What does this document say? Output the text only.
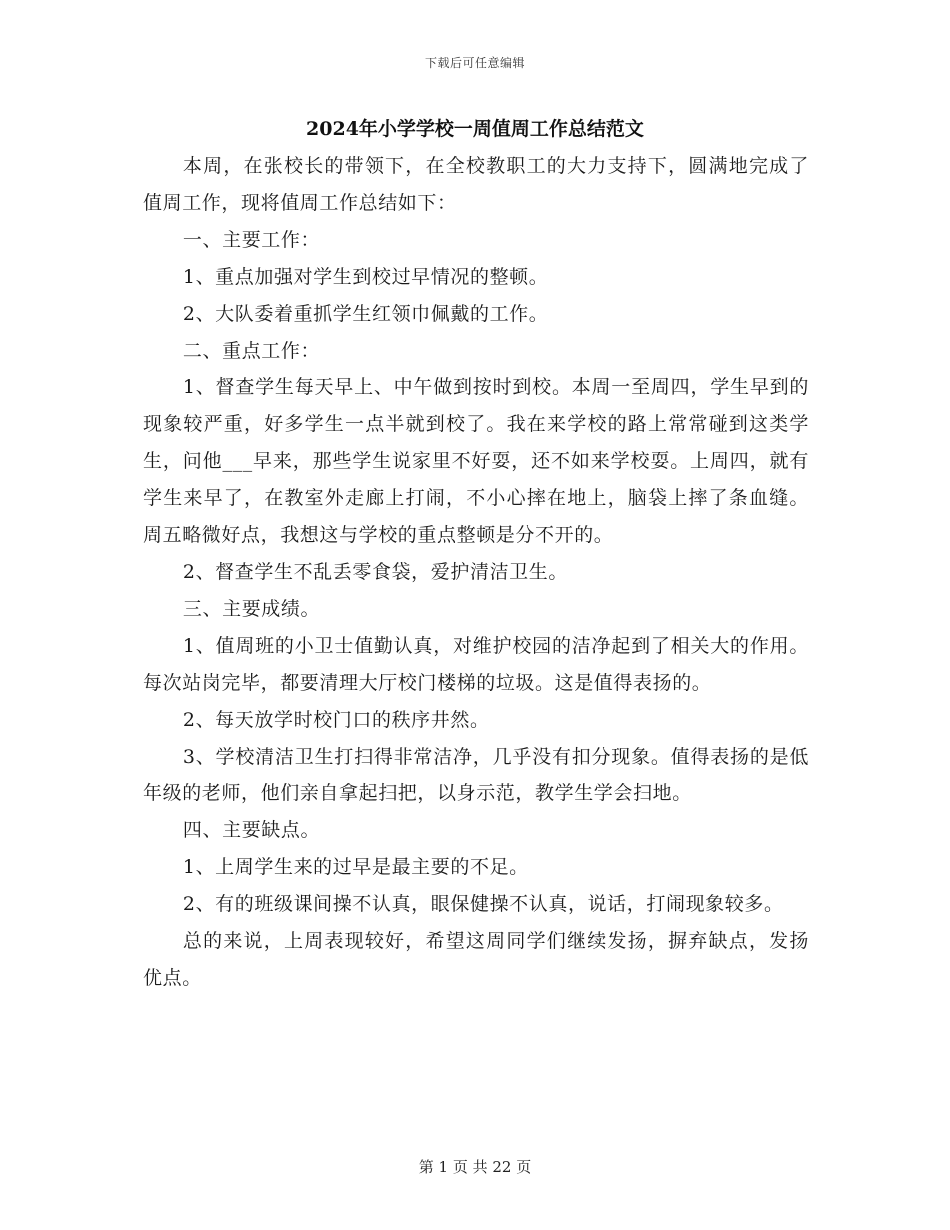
下载后可任意编辑
2024年小学学校一周值周工作总结范文

本周，在张校长的带领下，在全校教职工的大力支持下，圆满地完成了值周工作，现将值周工作总结如下：

一、主要工作：

1、重点加强对学生到校过早情况的整顿。

2、大队委着重抓学生红领巾佩戴的工作。

二、重点工作：

1、督查学生每天早上、中午做到按时到校。本周一至周四，学生早到的现象较严重，好多学生一点半就到校了。我在来学校的路上常常碰到这类学生，问他___早来，那些学生说家里不好耍，还不如来学校耍。上周四，就有学生来早了，在教室外走廊上打闹，不小心摔在地上，脑袋上摔了条血缝。周五略微好点，我想这与学校的重点整顿是分不开的。

2、督查学生不乱丢零食袋，爱护清洁卫生。

三、主要成绩。

1、值周班的小卫士值勤认真，对维护校园的洁净起到了相关大的作用。每次站岗完毕，都要清理大厅校门楼梯的垃圾。这是值得表扬的。

2、每天放学时校门口的秩序井然。

3、学校清洁卫生打扫得非常洁净，几乎没有扣分现象。值得表扬的是低年级的老师，他们亲自拿起扫把，以身示范，教学生学会扫地。

四、主要缺点。

1、上周学生来的过早是最主要的不足。

2、有的班级课间操不认真，眼保健操不认真，说话，打闹现象较多。

总的来说，上周表现较好，希望这周同学们继续发扬，摒弃缺点，发扬优点。

第 1 页 共 22 页
